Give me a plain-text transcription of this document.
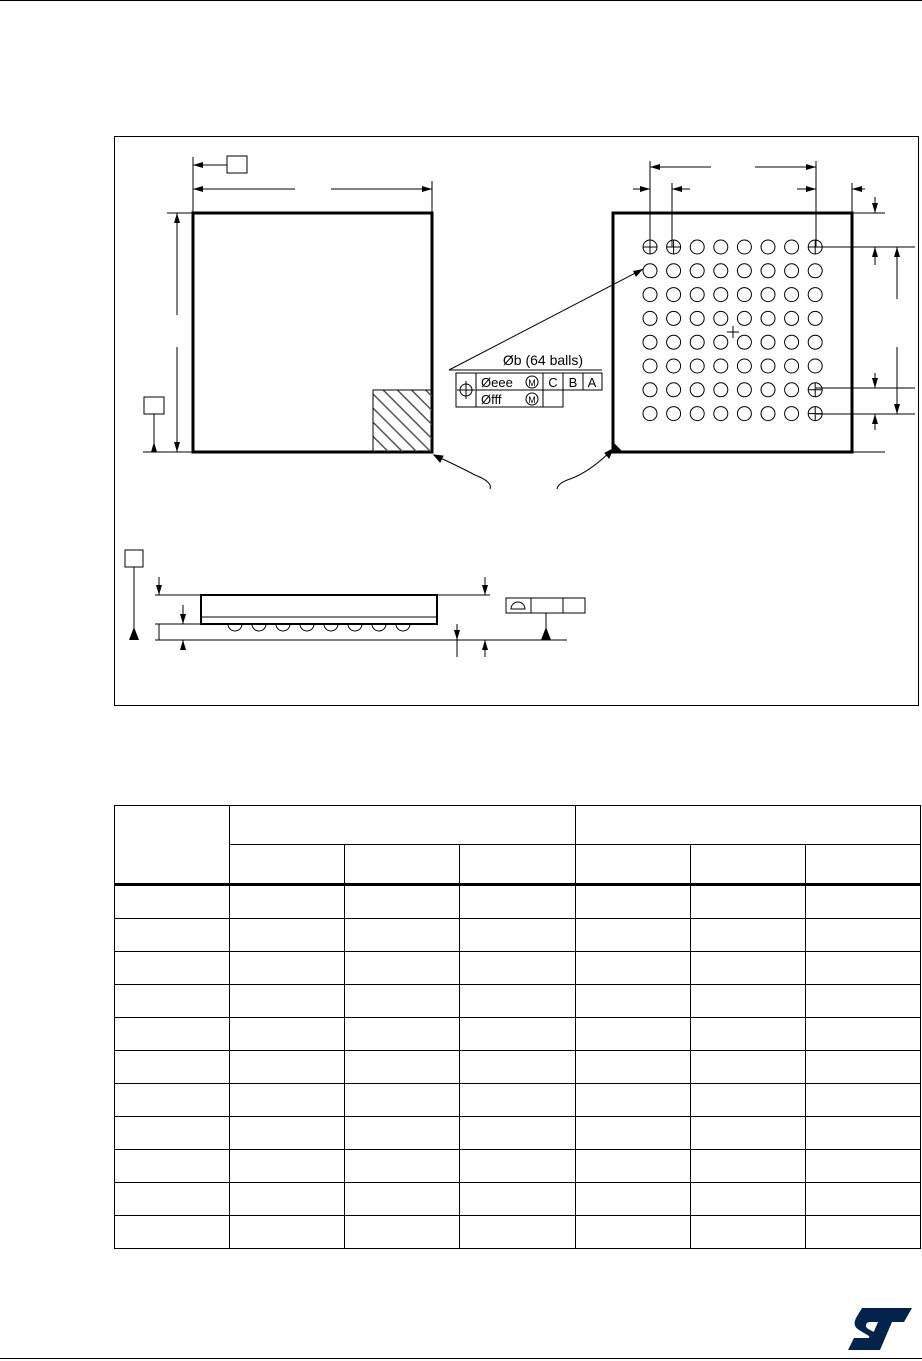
Øb (64 balls)
Øeee
Øfff
M
M
C B A
